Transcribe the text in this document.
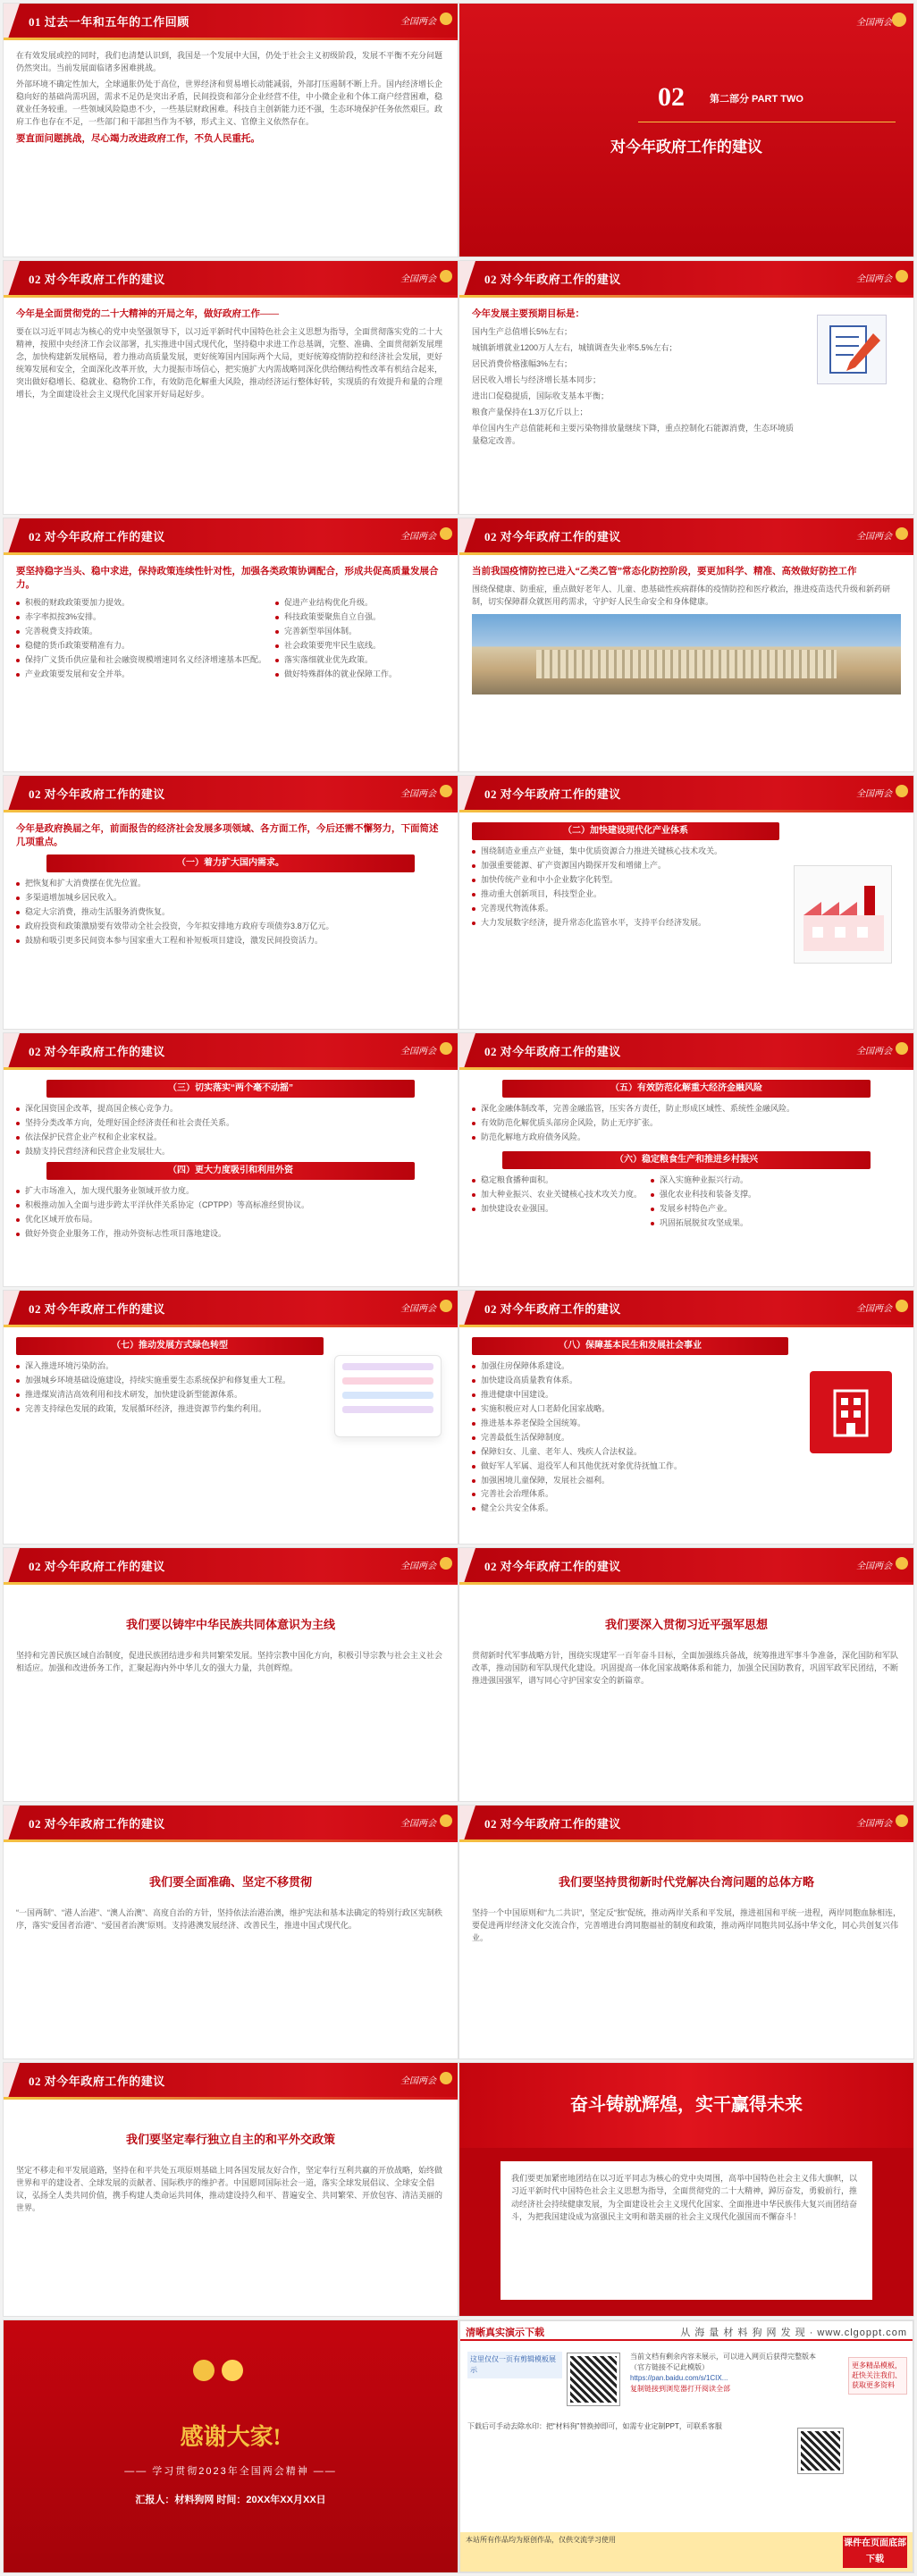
01 过去一年和五年的工作回顾	全国两会

在有效发展或控的同时，我们也清楚认识到，我国是一个发展中大国，仍处于社会主义初级阶段，发展不平衡不充分问题仍然突出。当前发展面临诸多困难挑战。

外部环境不确定性加大，全球通胀仍处于高位，世界经济和贸易增长动能减弱，外部打压遏制不断上升。国内经济增长企稳向好的基础尚需巩固，需求不足仍是突出矛盾，民间投资和部分企业经营不佳，中小微企业和个体工商户经营困难，稳就业任务较重。一些领域风险隐患不少，一些基层财政困难。科技自主创新能力还不强，生态环境保护任务依然艰巨。政府工作也存在不足，一些部门和干部担当作为不够，形式主义、官僚主义依然存在。

要直面问题挑战，尽心竭力改进政府工作，不负人民重托。

全国两会
02	第二部分 PART TWO
对今年政府工作的建议
02 对今年政府工作的建议	全国两会

今年是全面贯彻党的二十大精神的开局之年，做好政府工作——

要在以习近平同志为核心的党中央坚强领导下，以习近平新时代中国特色社会主义思想为指导，全面贯彻落实党的二十大精神，按照中央经济工作会议部署，扎实推进中国式现代化，坚持稳中求进工作总基调，完整、准确、全面贯彻新发展理念，加快构建新发展格局，着力推动高质量发展，更好统筹国内国际两个大局，更好统筹疫情防控和经济社会发展，更好统筹发展和安全，全面深化改革开放，大力提振市场信心，把实施扩大内需战略同深化供给侧结构性改革有机结合起来，突出做好稳增长、稳就业、稳物价工作，有效防范化解重大风险，推动经济运行整体好转，实现质的有效提升和量的合理增长，为全面建设社会主义现代化国家开好局起好步。

02 对今年政府工作的建议	全国两会

今年发展主要预期目标是：

国内生产总值增长5%左右；

城镇新增就业1200万人左右，城镇调查失业率5.5%左右；

居民消费价格涨幅3%左右；

居民收入增长与经济增长基本同步；

进出口促稳提质，国际收支基本平衡；

粮食产量保持在1.3万亿斤以上；

单位国内生产总值能耗和主要污染物排放量继续下降，重点控制化石能源消费，生态环境质量稳定改善。

02 对今年政府工作的建议	全国两会

要坚持稳字当头、稳中求进，保持政策连续性针对性，加强各类政策协调配合，形成共促高质量发展合力。

积极的财政政策要加力提效。
赤字率拟按3%安排。
完善税费支持政策。
稳健的货币政策要精准有力。
保持广义货币供应量和社会融资规模增速同名义经济增速基本匹配。
产业政策要发展和安全并举。
促进产业结构优化升级。
科技政策要聚焦自立自强。
完善新型举国体制。
社会政策要兜牢民生底线。
落实落细就业优先政策。
做好特殊群体的就业保障工作。
02 对今年政府工作的建议	全国两会

当前我国疫情防控已进入“乙类乙管”常态化防控阶段，要更加科学、精准、高效做好防控工作

围绕保健康、防重症，重点做好老年人、儿童、患基础性疾病群体的疫情防控和医疗救治，推进疫苗迭代升级和新药研制，切实保障群众就医用药需求，守护好人民生命安全和身体健康。

02 对今年政府工作的建议	全国两会

今年是政府换届之年，前面报告的经济社会发展多项领域、各方面工作，今后还需不懈努力，下面简述几项重点。

（一）着力扩大国内需求。
把恢复和扩大消费摆在优先位置。
多渠道增加城乡居民收入。
稳定大宗消费，推动生活服务消费恢复。
政府投资和政策激励要有效带动全社会投资，今年拟安排地方政府专项债券3.8万亿元。
鼓励和吸引更多民间资本参与国家重大工程和补短板项目建设，激发民间投资活力。
02 对今年政府工作的建议	全国两会
（二）加快建设现代化产业体系
围绕制造业重点产业链，集中优质资源合力推进关键核心技术攻关。
加强重要能源、矿产资源国内勘探开发和增储上产。
加快传统产业和中小企业数字化转型。
推动重大创新项目，科技型企业。
完善现代物流体系。
大力发展数字经济，提升常态化监管水平，支持平台经济发展。
02 对今年政府工作的建议	全国两会
（三）切实落实“两个毫不动摇”
深化国资国企改革，提高国企核心竞争力。
坚持分类改革方向，处理好国企经济责任和社会责任关系。
依法保护民营企业产权和企业家权益。
鼓励支持民营经济和民营企业发展壮大。
（四）更大力度吸引和利用外资
扩大市场准入，加大现代服务业领域开放力度。
积极推动加入全面与进步跨太平洋伙伴关系协定（CPTPP）等高标准经贸协议。
优化区域开放布局。
做好外资企业服务工作，推动外资标志性项目落地建设。
02 对今年政府工作的建议	全国两会
（五）有效防范化解重大经济金融风险
深化金融体制改革，完善金融监管，压实各方责任，防止形成区域性、系统性金融风险。
有效防范化解优质头部房企风险，防止无序扩张。
防范化解地方政府债务风险。
（六）稳定粮食生产和推进乡村振兴
稳定粮食播种面积。
加大种业振兴、农业关键核心技术攻关力度。
加快建设农业强国。
深入实施种业振兴行动。
强化农业科技和装备支撑。
发展乡村特色产业。
巩固拓展脱贫攻坚成果。
02 对今年政府工作的建议	全国两会
（七）推动发展方式绿色转型
深入推进环境污染防治。
加强城乡环境基础设施建设，持续实施重要生态系统保护和修复重大工程。
推进煤炭清洁高效利用和技术研发，加快建设新型能源体系。
完善支持绿色发展的政策，发展循环经济，推进资源节约集约利用。
02 对今年政府工作的建议	全国两会
（八）保障基本民生和发展社会事业
加强住房保障体系建设。
加快建设高质量教育体系。
推进健康中国建设。
实施积极应对人口老龄化国家战略。
推进基本养老保险全国统筹。
完善最低生活保障制度。
保障妇女、儿童、老年人、残疾人合法权益。
做好军人军属、退役军人和其他优抚对象优待抚恤工作。
加强困境儿童保障，发展社会福利。
完善社会治理体系。
健全公共安全体系。
02 对今年政府工作的建议	全国两会

我们要以铸牢中华民族共同体意识为主线

坚持和完善民族区域自治制度，促进民族团结进步和共同繁荣发展。坚持宗教中国化方向，积极引导宗教与社会主义社会相适应。加强和改进侨务工作，汇聚起海内外中华儿女的强大力量，共创辉煌。

02 对今年政府工作的建议	全国两会

我们要深入贯彻习近平强军思想

贯彻新时代军事战略方针，围绕实现建军一百年奋斗目标，全面加强练兵备战，统筹推进军事斗争准备，深化国防和军队改革，推动国防和军队现代化建设。巩固提高一体化国家战略体系和能力，加强全民国防教育，巩固军政军民团结，不断推进强国强军，谱写同心守护国家安全的新篇章。

02 对今年政府工作的建议	全国两会

我们要全面准确、坚定不移贯彻

“一国两制”、“港人治港”、“澳人治澳”、高度自治的方针，坚持依法治港治澳，维护宪法和基本法确定的特别行政区宪制秩序，落实“爱国者治港”、“爱国者治澳”原则。支持港澳发展经济、改善民生，推进中国式现代化。

02 对今年政府工作的建议	全国两会

我们要坚持贯彻新时代党解决台湾问题的总体方略

坚持一个中国原则和“九二共识”，坚定反“独”促统，推动两岸关系和平发展，推进祖国和平统一进程，两岸同胞血脉相连，要促进两岸经济文化交流合作，完善增进台湾同胞福祉的制度和政策，推动两岸同胞共同弘扬中华文化，同心共创复兴伟业。

02 对今年政府工作的建议	全国两会

我们要坚定奉行独立自主的和平外交政策

坚定不移走和平发展道路，坚持在和平共处五项原则基础上同各国发展友好合作，坚定奉行互利共赢的开放战略，始终做世界和平的建设者、全球发展的贡献者、国际秩序的维护者。中国愿同国际社会一道，落实全球发展倡议、全球安全倡议，弘扬全人类共同价值，携手构建人类命运共同体，推动建设持久和平、普遍安全、共同繁荣、开放包容、清洁美丽的世界。

奋斗铸就辉煌，实干赢得未来

我们要更加紧密地团结在以习近平同志为核心的党中央周围，高举中国特色社会主义伟大旗帜，以习近平新时代中国特色社会主义思想为指导，全面贯彻党的二十大精神，踔厉奋发，勇毅前行，推动经济社会持续健康发展，为全面建设社会主义现代化国家、全面推进中华民族伟大复兴而团结奋斗，为把我国建设成为富强民主文明和谐美丽的社会主义现代化强国而不懈奋斗！

感谢大家!
—— 学习贯彻2023年全国两会精神 ——
汇报人：材料狗网 时间：20XX年XX月XX日
清晰真实演示下载	从 海 量 材 料 狗 网 发 现 · www.clgoppt.com
这里仅仅一页有剪辑模板展示

当前文档有剩余内容未展示，可以进入网页后获得完整版本

（官方链接不记此模版）

https://pan.baidu.com/s/1CIX...

复制链接到浏览器打开阅读全部

更多精品模板，赶快关注我们、获取更多资料

下载后可手动去除水印：把“材料狗”替换掉即可，如需专业定制PPT，可联系客服

本站所有作品均为原创作品，仅供交流学习使用	课件在页面底部下载
